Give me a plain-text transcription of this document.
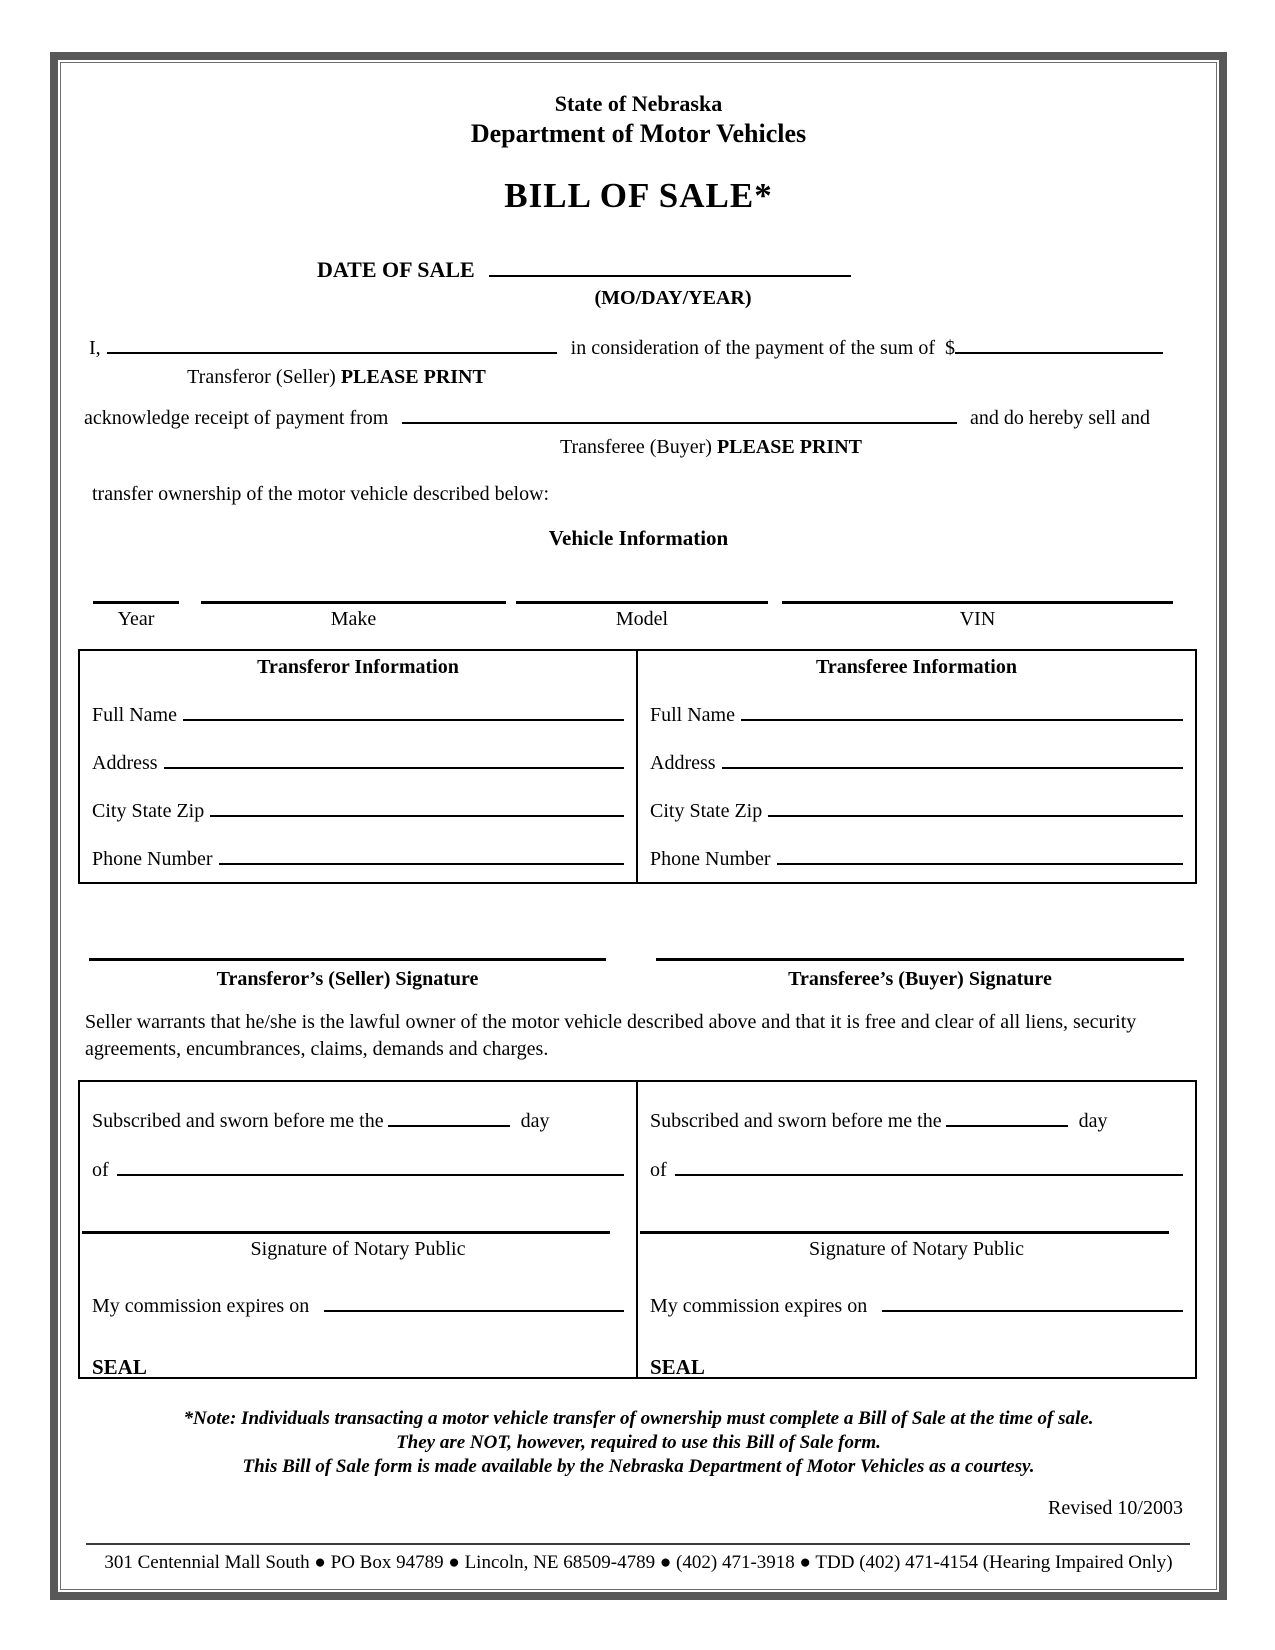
State of Nebraska
Department of Motor Vehicles
BILL OF SALE*
DATE OF SALE
(MO/DAY/YEAR)
I,	in consideration of the payment of the sum of $
Transferor (Seller) PLEASE PRINT
acknowledge receipt of payment from	and do hereby sell and
Transferee (Buyer) PLEASE PRINT
transfer ownership of the motor vehicle described below:
Vehicle Information
Year	Make	Model	VIN
Transferor Information
Full Name
Address
City State Zip
Phone Number
Transferee Information
Full Name
Address
City State Zip
Phone Number
Transferor’s (Seller) Signature	Transferee’s (Buyer) Signature
Seller warrants that he/she is the lawful owner of the motor vehicle described above and that it is free and clear of all liens, security agreements, encumbrances, claims, demands and charges.
Subscribed and sworn before me the	day
of
Signature of Notary Public
My commission expires on
SEAL
Subscribed and sworn before me the	day
of
Signature of Notary Public
My commission expires on
SEAL
*Note: Individuals transacting a motor vehicle transfer of ownership must complete a Bill of Sale at the time of sale.
They are NOT, however, required to use this Bill of Sale form.
This Bill of Sale form is made available by the Nebraska Department of Motor Vehicles as a courtesy.
Revised 10/2003
301 Centennial Mall South ● PO Box 94789 ● Lincoln, NE 68509-4789 ● (402) 471-3918 ● TDD (402) 471-4154 (Hearing Impaired Only)
